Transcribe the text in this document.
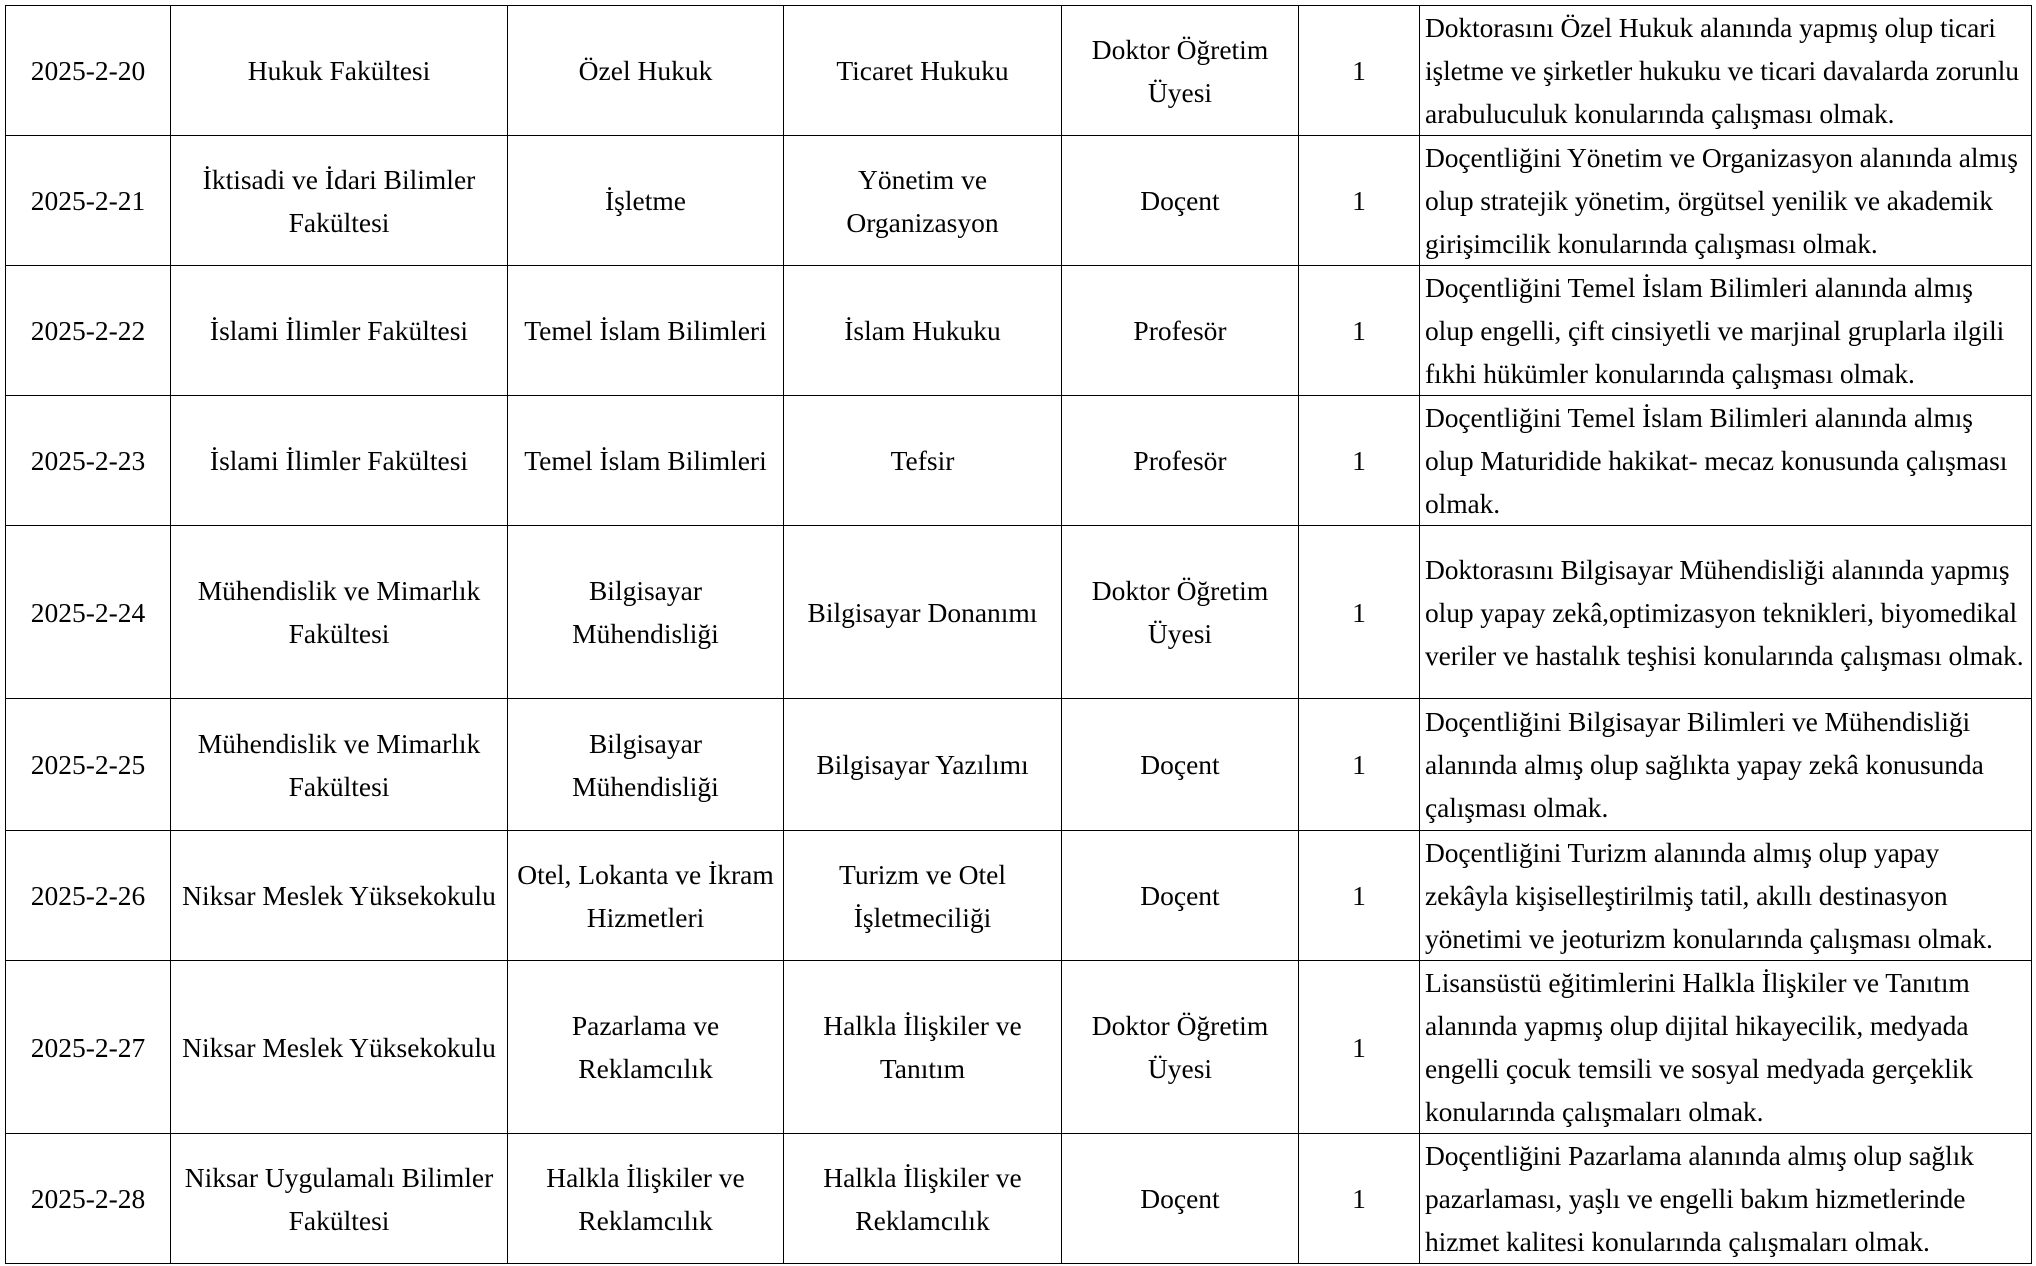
2025-2-20	Hukuk Fakültesi	Özel Hukuk	Ticaret Hukuku	Doktor Öğretim Üyesi	1	Doktorasını Özel Hukuk alanında yapmış olup ticari işletme ve şirketler hukuku ve ticari davalarda zorunlu arabuluculuk konularında çalışması olmak.
2025-2-21	İktisadi ve İdari Bilimler Fakültesi	İşletme	Yönetim ve Organizasyon	Doçent	1	Doçentliğini Yönetim ve Organizasyon alanında almış olup stratejik yönetim, örgütsel yenilik ve akademik girişimcilik konularında çalışması olmak.
2025-2-22	İslami İlimler Fakültesi	Temel İslam Bilimleri	İslam Hukuku	Profesör	1	Doçentliğini Temel İslam Bilimleri alanında almış olup engelli, çift cinsiyetli ve marjinal gruplarla ilgili fıkhi hükümler konularında çalışması olmak.
2025-2-23	İslami İlimler Fakültesi	Temel İslam Bilimleri	Tefsir	Profesör	1	Doçentliğini Temel İslam Bilimleri alanında almış olup Maturidide hakikat- mecaz konusunda çalışması olmak.
2025-2-24	Mühendislik ve Mimarlık Fakültesi	Bilgisayar Mühendisliği	Bilgisayar Donanımı	Doktor Öğretim Üyesi	1	Doktorasını Bilgisayar Mühendisliği alanında yapmış olup yapay zekâ,optimizasyon teknikleri, biyomedikal veriler ve hastalık teşhisi konularında çalışması olmak.
2025-2-25	Mühendislik ve Mimarlık Fakültesi	Bilgisayar Mühendisliği	Bilgisayar Yazılımı	Doçent	1	Doçentliğini Bilgisayar Bilimleri ve Mühendisliği alanında almış olup sağlıkta yapay zekâ konusunda çalışması olmak.
2025-2-26	Niksar Meslek Yüksekokulu	Otel, Lokanta ve İkram Hizmetleri	Turizm ve Otel İşletmeciliği	Doçent	1	Doçentliğini Turizm alanında almış olup yapay zekâyla kişiselleştirilmiş tatil, akıllı destinasyon yönetimi ve jeoturizm konularında çalışması olmak.
2025-2-27	Niksar Meslek Yüksekokulu	Pazarlama ve Reklamcılık	Halkla İlişkiler ve Tanıtım	Doktor Öğretim Üyesi	1	Lisansüstü eğitimlerini Halkla İlişkiler ve Tanıtım alanında yapmış olup dijital hikayecilik, medyada engelli çocuk temsili ve sosyal medyada gerçeklik konularında çalışmaları olmak.
2025-2-28	Niksar Uygulamalı Bilimler Fakültesi	Halkla İlişkiler ve Reklamcılık	Halkla İlişkiler ve Reklamcılık	Doçent	1	Doçentliğini Pazarlama alanında almış olup sağlık pazarlaması, yaşlı ve engelli bakım hizmetlerinde hizmet kalitesi konularında çalışmaları olmak.
